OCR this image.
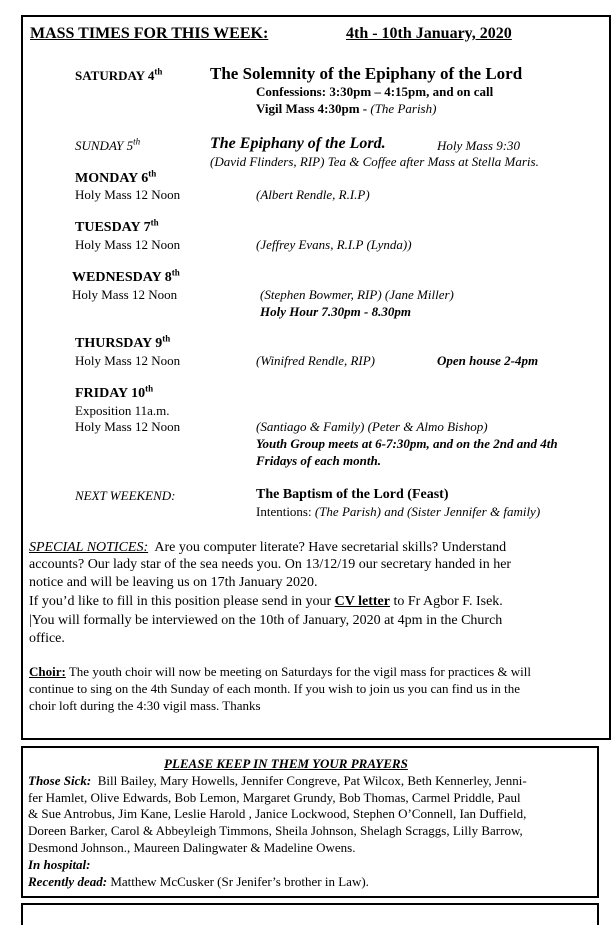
MASS TIMES FOR THIS WEEK:	4th - 10th January, 2020
SATURDAY 4th	The Solemnity of the Epiphany of the Lord
Confessions: 3:30pm – 4:15pm, and on call
Vigil Mass 4:30pm - (The Parish)
SUNDAY 5th	The Epiphany of the Lord.	Holy Mass 9:30
(David Flinders, RIP) Tea & Coffee after Mass at Stella Maris.
MONDAY 6th
Holy Mass 12 Noon	(Albert Rendle, R.I.P)
TUESDAY 7th
Holy Mass 12 Noon	(Jeffrey Evans, R.I.P (Lynda))
WEDNESDAY 8th
Holy Mass 12 Noon	(Stephen Bowmer, RIP) (Jane Miller)
Holy Hour 7.30pm - 8.30pm
THURSDAY 9th
Holy Mass 12 Noon	(Winifred Rendle, RIP)	Open house 2-4pm
FRIDAY 10th
Exposition 11a.m.
Holy Mass 12 Noon	(Santiago & Family) (Peter & Almo Bishop)
Youth Group meets at 6-7:30pm, and on the 2nd and 4th
Fridays of each month.
NEXT WEEKEND:	The Baptism of the Lord (Feast)
Intentions: (The Parish) and (Sister Jennifer & family)
SPECIAL NOTICES: Are you computer literate? Have secretarial skills? Understand
accounts? Our lady star of the sea needs you. On 13/12/19 our secretary handed in her
notice and will be leaving us on 17th January 2020.
If you’d like to fill in this position please send in your CV letter to Fr Agbor F. Isek.
|You will formally be interviewed on the 10th of January, 2020 at 4pm in the Church
office.
Choir: The youth choir will now be meeting on Saturdays for the vigil mass for practices & will
continue to sing on the 4th Sunday of each month. If you wish to join us you can find us in the
choir loft during the 4:30 vigil mass. Thanks
PLEASE KEEP IN THEM YOUR PRAYERS
Those Sick: Bill Bailey, Mary Howells, Jennifer Congreve, Pat Wilcox, Beth Kennerley, Jenni-
fer Hamlet, Olive Edwards, Bob Lemon, Margaret Grundy, Bob Thomas, Carmel Priddle, Paul
& Sue Antrobus, Jim Kane, Leslie Harold , Janice Lockwood, Stephen O’Connell, Ian Duffield,
Doreen Barker, Carol & Abbeyleigh Timmons, Sheila Johnson, Shelagh Scraggs, Lilly Barrow,
Desmond Johnson., Maureen Dalingwater & Madeline Owens.
In hospital:
Recently dead: Matthew McCusker (Sr Jenifer’s brother in Law).
